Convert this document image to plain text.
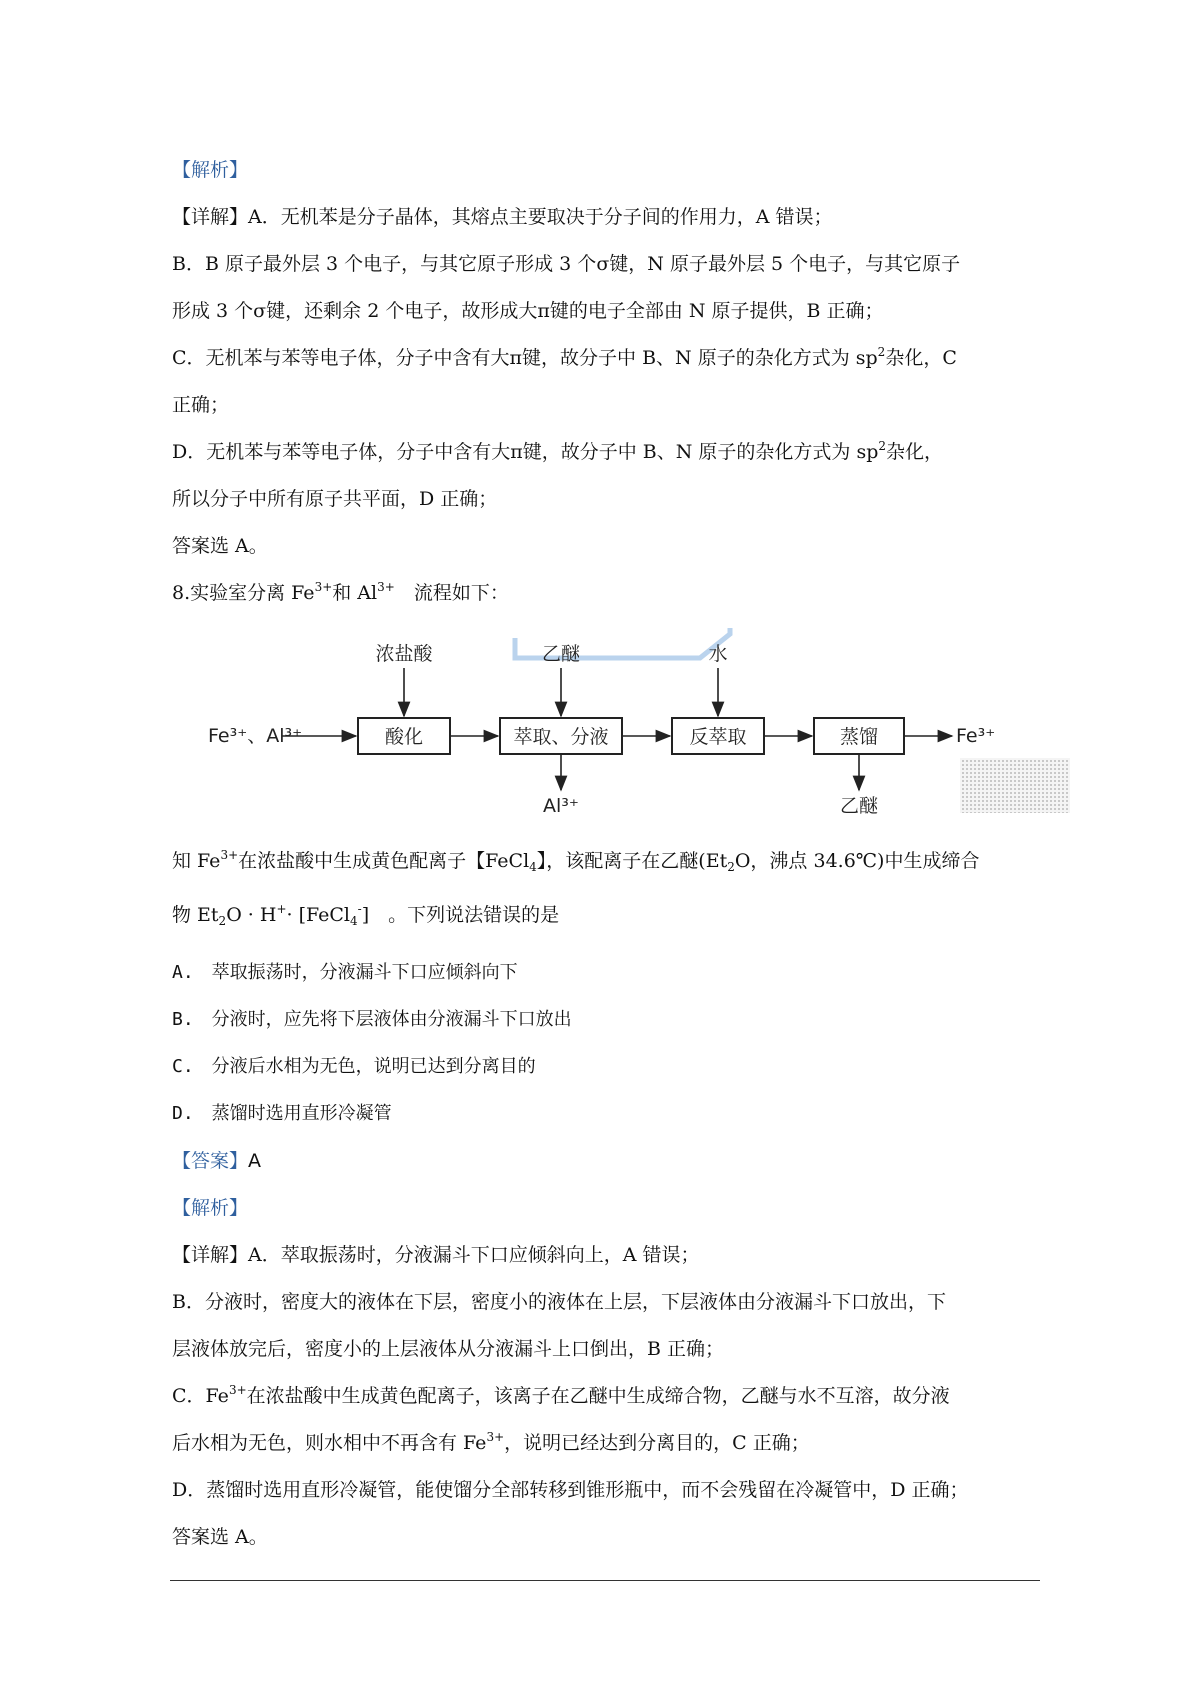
【解析】
【详解】A．无机苯是分子晶体，其熔点主要取决于分子间的作用力，A 错误；
B．B 原子最外层 3 个电子，与其它原子形成 3 个σ键，N 原子最外层 5 个电子，与其它原子
形成 3 个σ键，还剩余 2 个电子，故形成大π键的电子全部由 N 原子提供，B 正确；
C．无机苯与苯等电子体，分子中含有大π键，故分子中 B、N 原子的杂化方式为 $sp^2$杂化，C
正确；
D．无机苯与苯等电子体，分子中含有大π键，故分子中 B、N 原子的杂化方式为 $sp^2$杂化，
所以分子中所有原子共平面，D 正确；
答案选 A。
8.实验室分离 $Fe^{3+}$和 $Al^{3+}$　流程如下：
Fe³⁺、Al³⁺	酸化	萃取、分液	反萃取	蒸馏	Fe³⁺
浓盐酸	乙醚	水
Al³⁺	乙醚
知 $Fe^{3+}$在浓盐酸中生成黄色配离子【FeCl$_4$】，该配离子在乙醚($Et_2O$，沸点 34.6℃)中生成缔合
物 $Et_2O \cdot H^+\cdot$ [FeCl$_4$-]　。下列说法错误的是
A.　萃取振荡时，分液漏斗下口应倾斜向下
B.　分液时，应先将下层液体由分液漏斗下口放出
C.　分液后水相为无色，说明已达到分离目的
D.　蒸馏时选用直形冷凝管
【答案】A
【解析】
【详解】A．萃取振荡时，分液漏斗下口应倾斜向上，A 错误；
B．分液时，密度大的液体在下层，密度小的液体在上层，下层液体由分液漏斗下口放出，下
层液体放完后，密度小的上层液体从分液漏斗上口倒出，B 正确；
C．$Fe^{3+}$在浓盐酸中生成黄色配离子，该离子在乙醚中生成缔合物，乙醚与水不互溶，故分液
后水相为无色，则水相中不再含有 $Fe^{3+}$，说明已经达到分离目的，C 正确；
D．蒸馏时选用直形冷凝管，能使馏分全部转移到锥形瓶中，而不会残留在冷凝管中，D 正确；
答案选 A。
